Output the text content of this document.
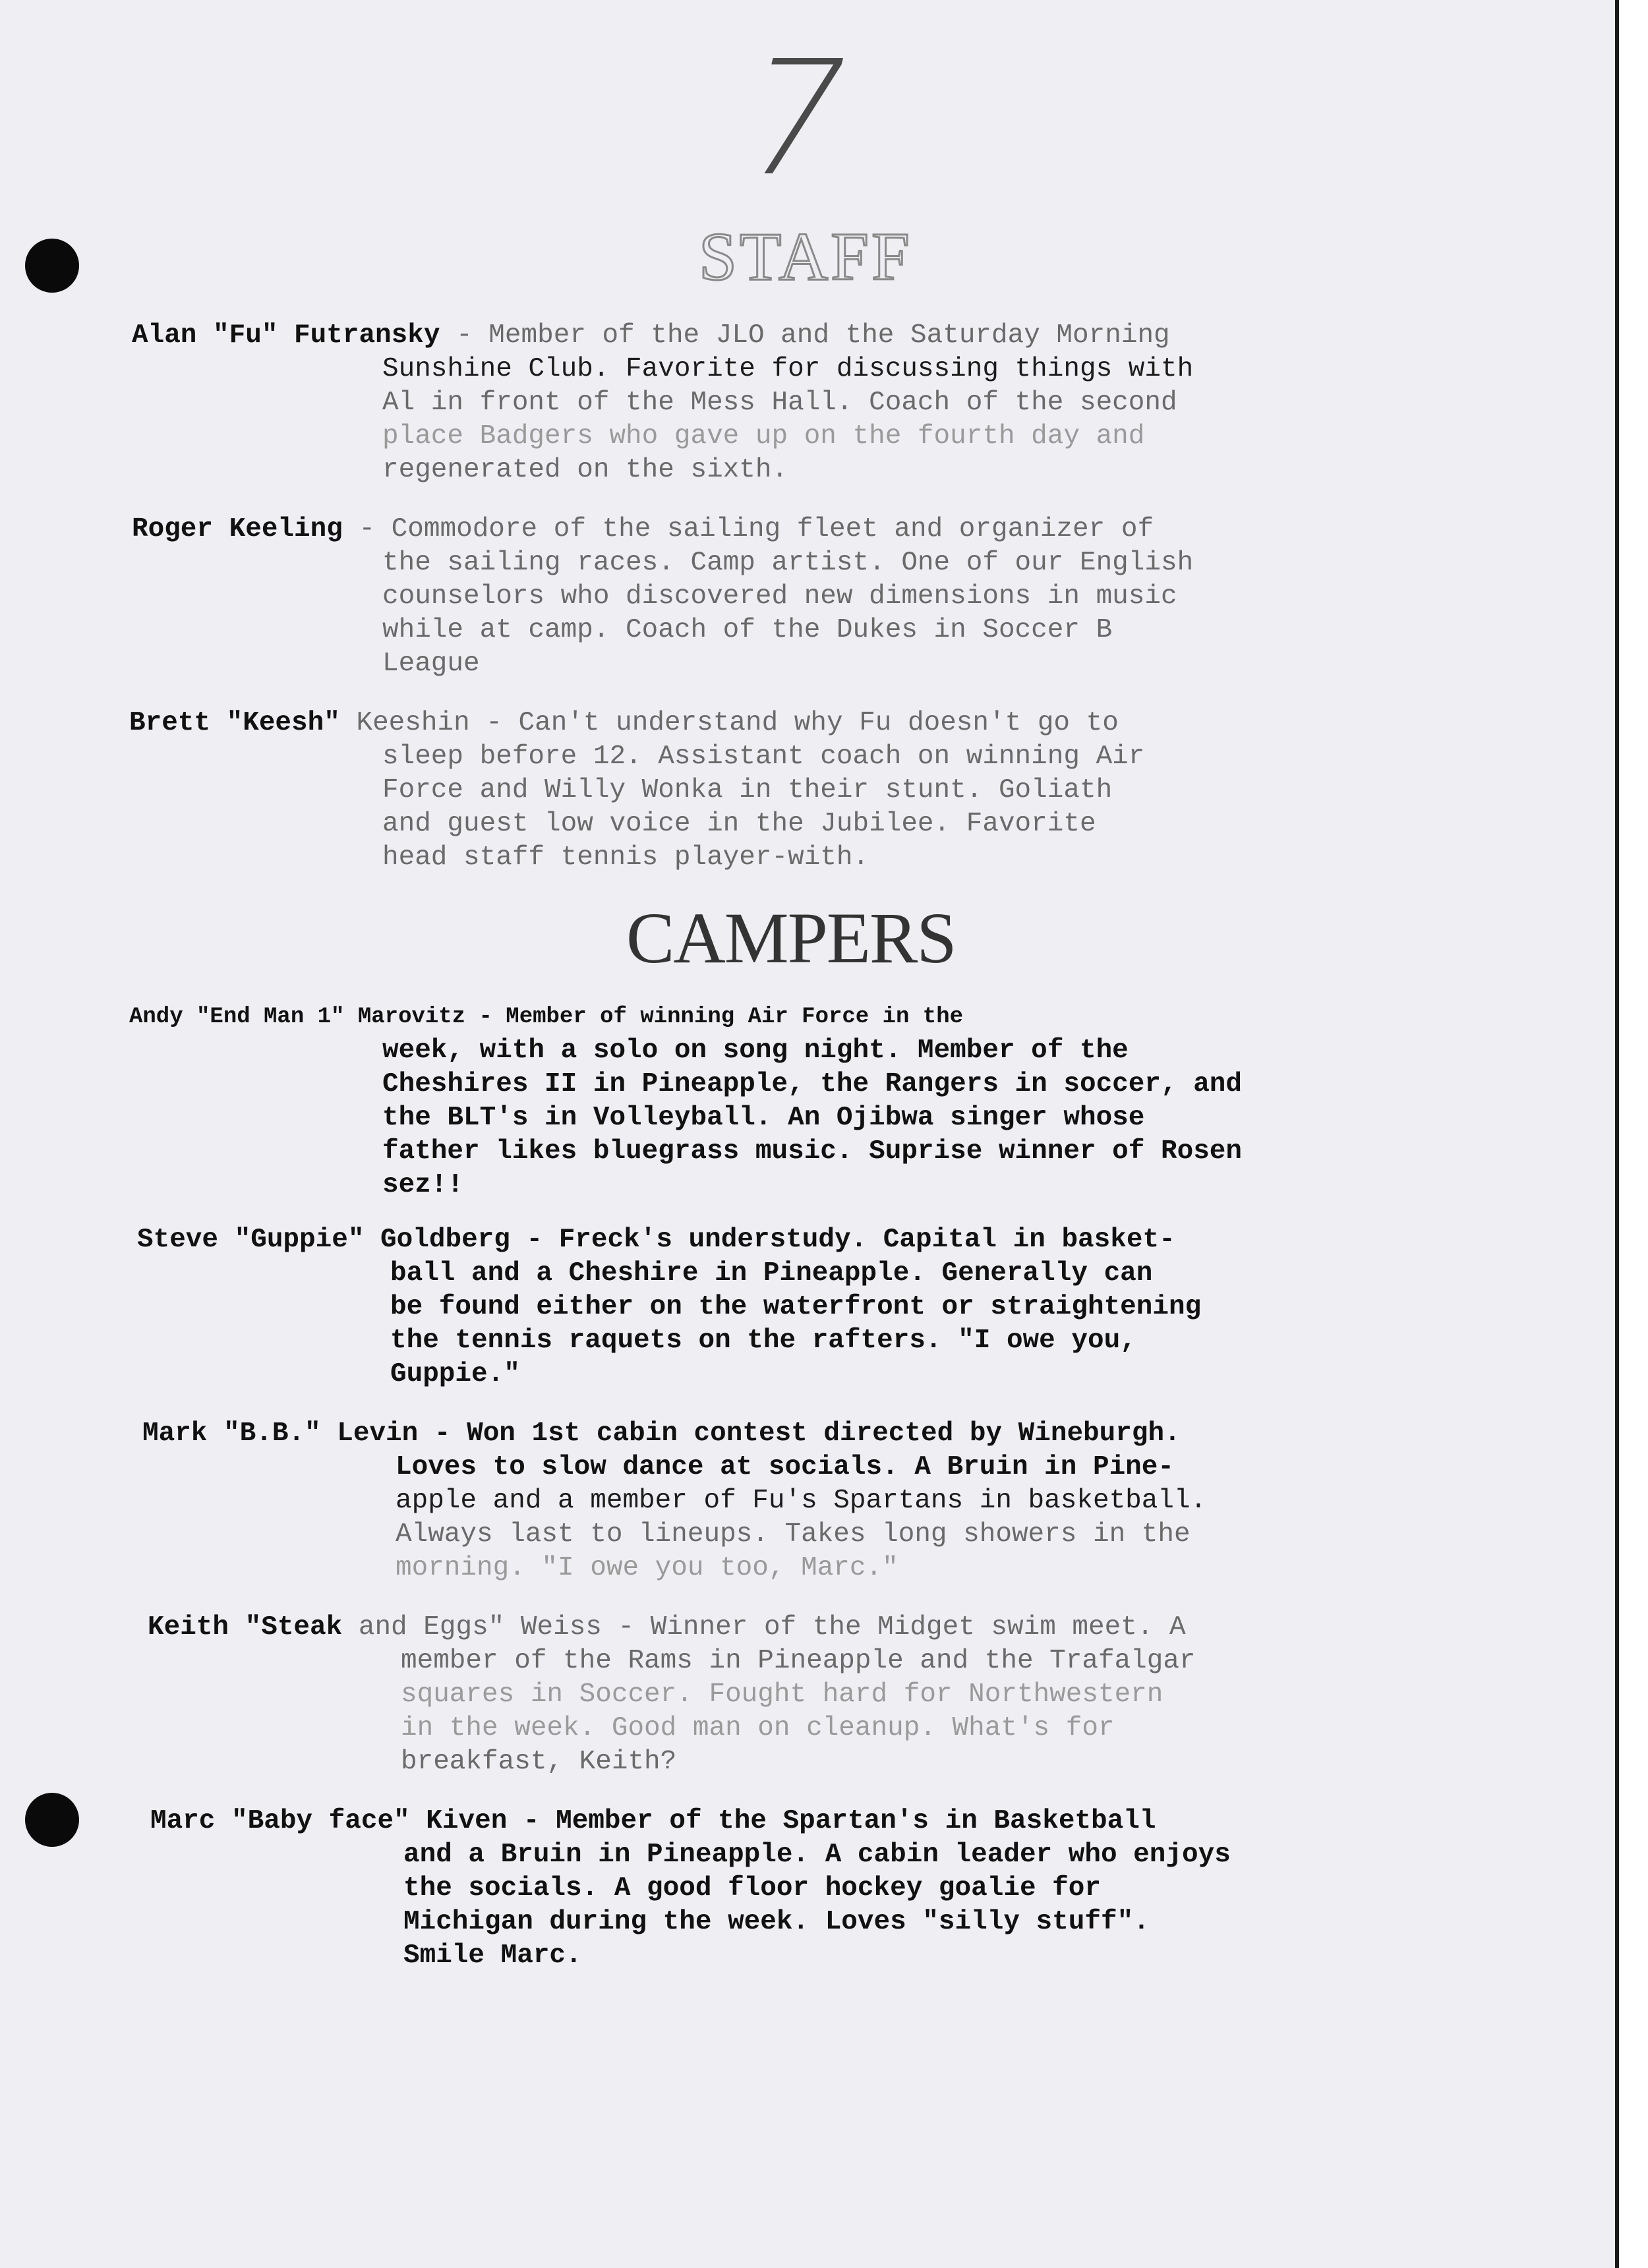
7
STAFF
Alan "Fu" Futransky - Member of the JLO and the Saturday Morning
Sunshine Club. Favorite for discussing things with
Al in front of the Mess Hall. Coach of the second
place Badgers who gave up on the fourth day and
regenerated on the sixth.
Roger Keeling - Commodore of the sailing fleet and organizer of
the sailing races. Camp artist. One of our English
counselors who discovered new dimensions in music
while at camp. Coach of the Dukes in Soccer B
League
Brett "Keesh" Keeshin - Can't understand why Fu doesn't go to
sleep before 12. Assistant coach on winning Air
Force and Willy Wonka in their stunt. Goliath
and guest low voice in the Jubilee. Favorite
head staff tennis player-with.
CAMPERS
Andy "End Man 1" Marovitz - Member of winning Air Force in the
week, with a solo on song night. Member of the
Cheshires II in Pineapple, the Rangers in soccer, and
the BLT's in Volleyball. An Ojibwa singer whose
father likes bluegrass music. Suprise winner of Rosen
sez!!
Steve "Guppie" Goldberg - Freck's understudy. Capital in basket-
ball and a Cheshire in Pineapple. Generally can
be found either on the waterfront or straightening
the tennis raquets on the rafters. "I owe you,
Guppie."
Mark "B.B." Levin - Won 1st cabin contest directed by Wineburgh.
Loves to slow dance at socials. A Bruin in Pine-
apple and a member of Fu's Spartans in basketball.
Always last to lineups. Takes long showers in the
morning. "I owe you too, Marc."
Keith "Steak and Eggs" Weiss - Winner of the Midget swim meet. A
member of the Rams in Pineapple and the Trafalgar
squares in Soccer. Fought hard for Northwestern
in the week. Good man on cleanup. What's for
breakfast, Keith?
Marc "Baby face" Kiven - Member of the Spartan's in Basketball
and a Bruin in Pineapple. A cabin leader who enjoys
the socials. A good floor hockey goalie for
Michigan during the week. Loves "silly stuff".
Smile Marc.
